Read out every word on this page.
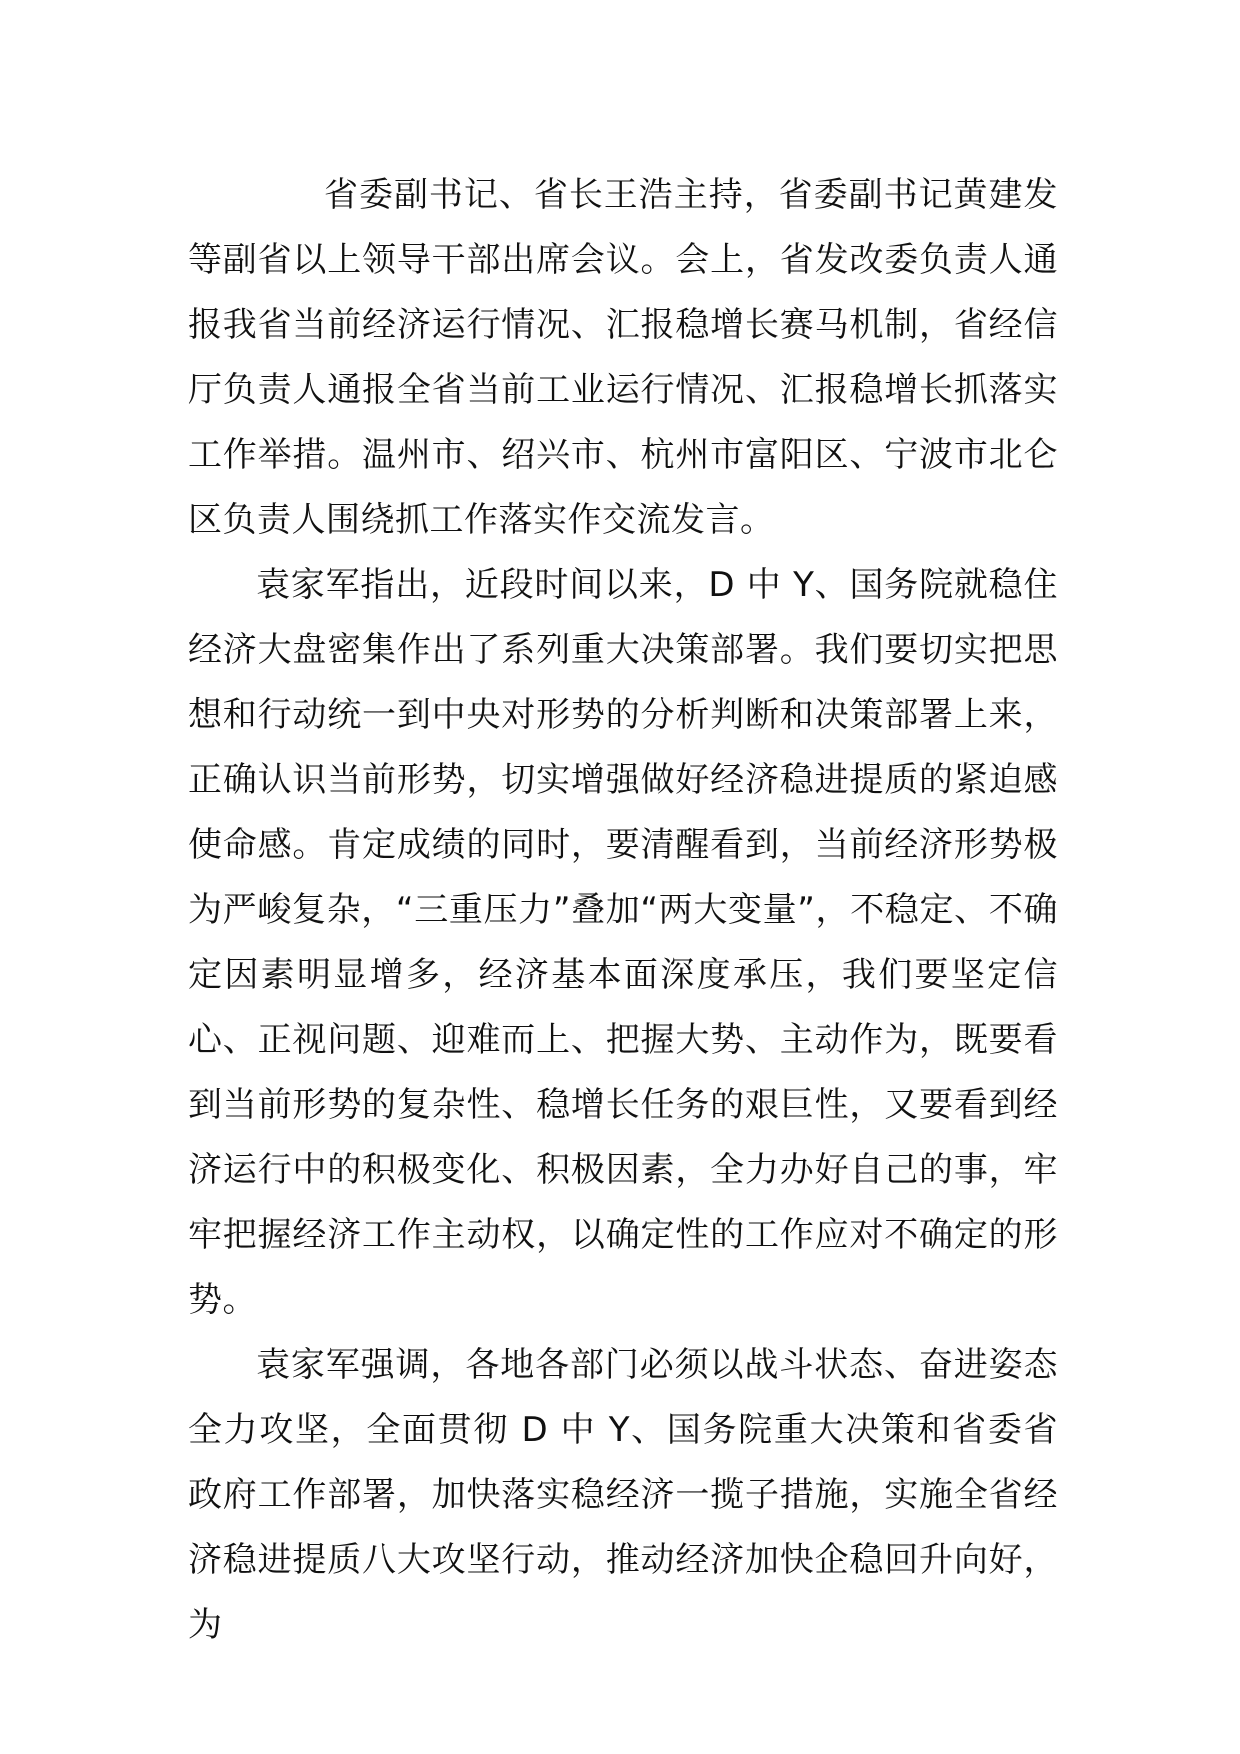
省委副书记、省长王浩主持，省委副书记黄建发等副省以上领导干部出席会议。会上，省发改委负责人通报我省当前经济运行情况、汇报稳增长赛马机制，省经信厅负责人通报全省当前工业运行情况、汇报稳增长抓落实工作举措。温州市、绍兴市、杭州市富阳区、宁波市北仑区负责人围绕抓工作落实作交流发言。

袁家军指出，近段时间以来，D 中 Y、国务院就稳住经济大盘密集作出了系列重大决策部署。我们要切实把思想和行动统一到中央对形势的分析判断和决策部署上来，正确认识当前形势，切实增强做好经济稳进提质的紧迫感使命感。肯定成绩的同时，要清醒看到，当前经济形势极为严峻复杂，“三重压力”叠加“两大变量”，不稳定、不确定因素明显增多，经济基本面深度承压，我们要坚定信心、正视问题、迎难而上、把握大势、主动作为，既要看到当前形势的复杂性、稳增长任务的艰巨性，又要看到经济运行中的积极变化、积极因素，全力办好自己的事，牢牢把握经济工作主动权，以确定性的工作应对不确定的形势。

袁家军强调，各地各部门必须以战斗状态、奋进姿态全力攻坚，全面贯彻 D 中 Y、国务院重大决策和省委省政府工作部署，加快落实稳经济一揽子措施，实施全省经济稳进提质八大攻坚行动，推动经济加快企稳回升向好，为
